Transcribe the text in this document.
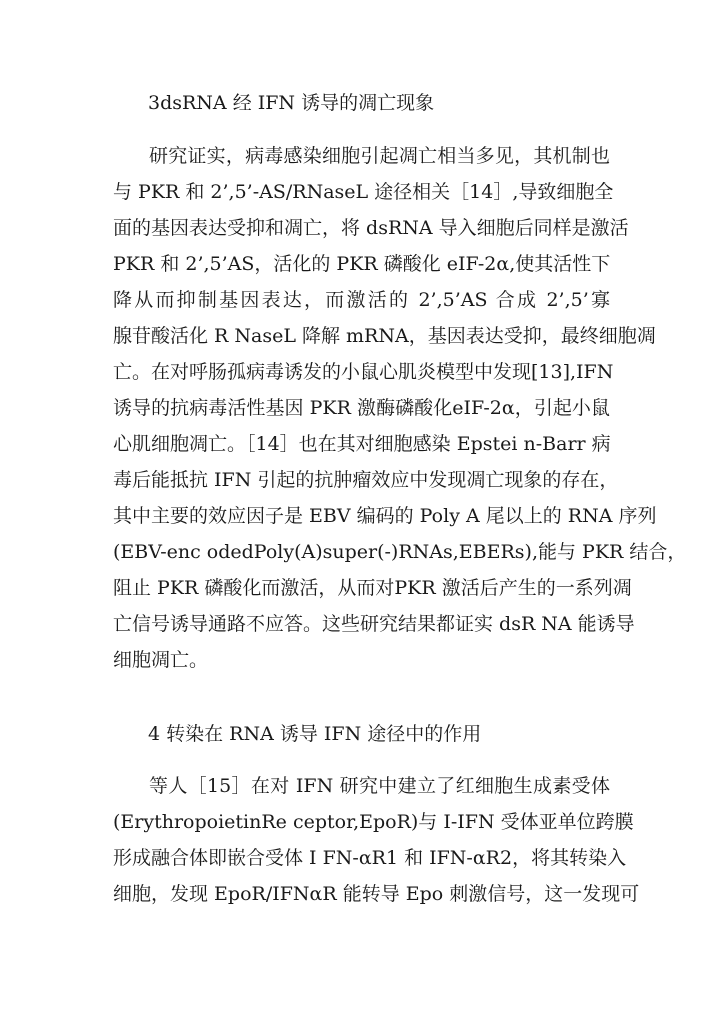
3dsRNA 经 IFN 诱导的凋亡现象
研究证实，病毒感染细胞引起凋亡相当多见，其机制也
与 PKR 和 2’,5’-AS/RNaseL 途径相关［14］,导致细胞全
面的基因表达受抑和凋亡，将 dsRNA 导入细胞后同样是激活
PKR 和 2’,5’AS，活化的 PKR 磷酸化 eIF-2α,使其活性下
降从而抑制基因表达，而激活的 2’,5’AS 合成 2’,5’寡
腺苷酸活化 R NaseL 降解 mRNA，基因表达受抑，最终细胞凋
亡。在对呼肠孤病毒诱发的小鼠心肌炎模型中发现[13],IFN
诱导的抗病毒活性基因 PKR 激酶磷酸化eIF-2α，引起小鼠
心肌细胞凋亡。［14］也在其对细胞感染 Epstei n-Barr 病
毒后能抵抗 IFN 引起的抗肿瘤效应中发现凋亡现象的存在，
其中主要的效应因子是 EBV 编码的 Poly A 尾以上的 RNA 序列
(EBV-enc odedPoly(A)super(-)RNAs,EBERs),能与 PKR 结合，
阻止 PKR 磷酸化而激活，从而对PKR 激活后产生的一系列凋
亡信号诱导通路不应答。这些研究结果都证实 dsR NA 能诱导
细胞凋亡。
4 转染在 RNA 诱导 IFN 途径中的作用
等人［15］在对 IFN 研究中建立了红细胞生成素受体
(ErythropoietinRe ceptor,EpoR)与 I-IFN 受体亚单位跨膜
形成融合体即嵌合受体 I FN-αR1 和 IFN-αR2，将其转染入
细胞，发现 EpoR/IFNαR 能转导 Epo 刺激信号，这一发现可
